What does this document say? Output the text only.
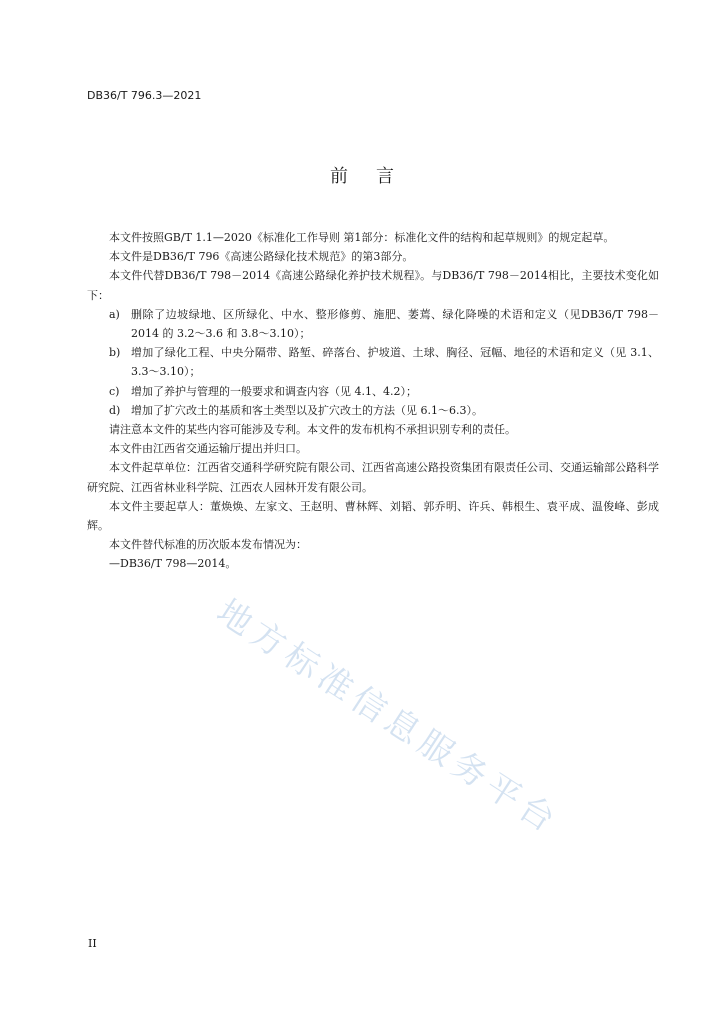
DB36/T 796.3—2021
前 言

本文件按照GB/T 1.1—2020《标准化工作导则 第1部分：标准化文件的结构和起草规则》的规定起草。

本文件是DB36/T 796《高速公路绿化技术规范》的第3部分。

本文件代替DB36/T 798－2014《高速公路绿化养护技术规程》。与DB36/T 798－2014相比，主要技术变化如下：

a) 删除了边坡绿地、区所绿化、中水、整形修剪、施肥、萎蔫、绿化降噪的术语和定义（见DB36/T 798－2014 的 3.2～3.6 和 3.8～3.10）；
b) 增加了绿化工程、中央分隔带、路堑、碎落台、护坡道、土球、胸径、冠幅、地径的术语和定义（见 3.1、3.3～3.10）；
c) 增加了养护与管理的一般要求和调查内容（见 4.1、4.2）；
d) 增加了扩穴改土的基质和客土类型以及扩穴改土的方法（见 6.1～6.3）。

请注意本文件的某些内容可能涉及专利。本文件的发布机构不承担识别专利的责任。

本文件由江西省交通运输厅提出并归口。

本文件起草单位：江西省交通科学研究院有限公司、江西省高速公路投资集团有限责任公司、交通运输部公路科学研究院、江西省林业科学院、江西农人园林开发有限公司。

本文件主要起草人：董焕焕、左家文、王赵明、曹林辉、刘韬、郭乔明、许兵、韩根生、袁平成、温俊峰、彭成辉。

本文件替代标准的历次版本发布情况为：

—DB36/T 798—2014。

地方标准信息服务平台
II
